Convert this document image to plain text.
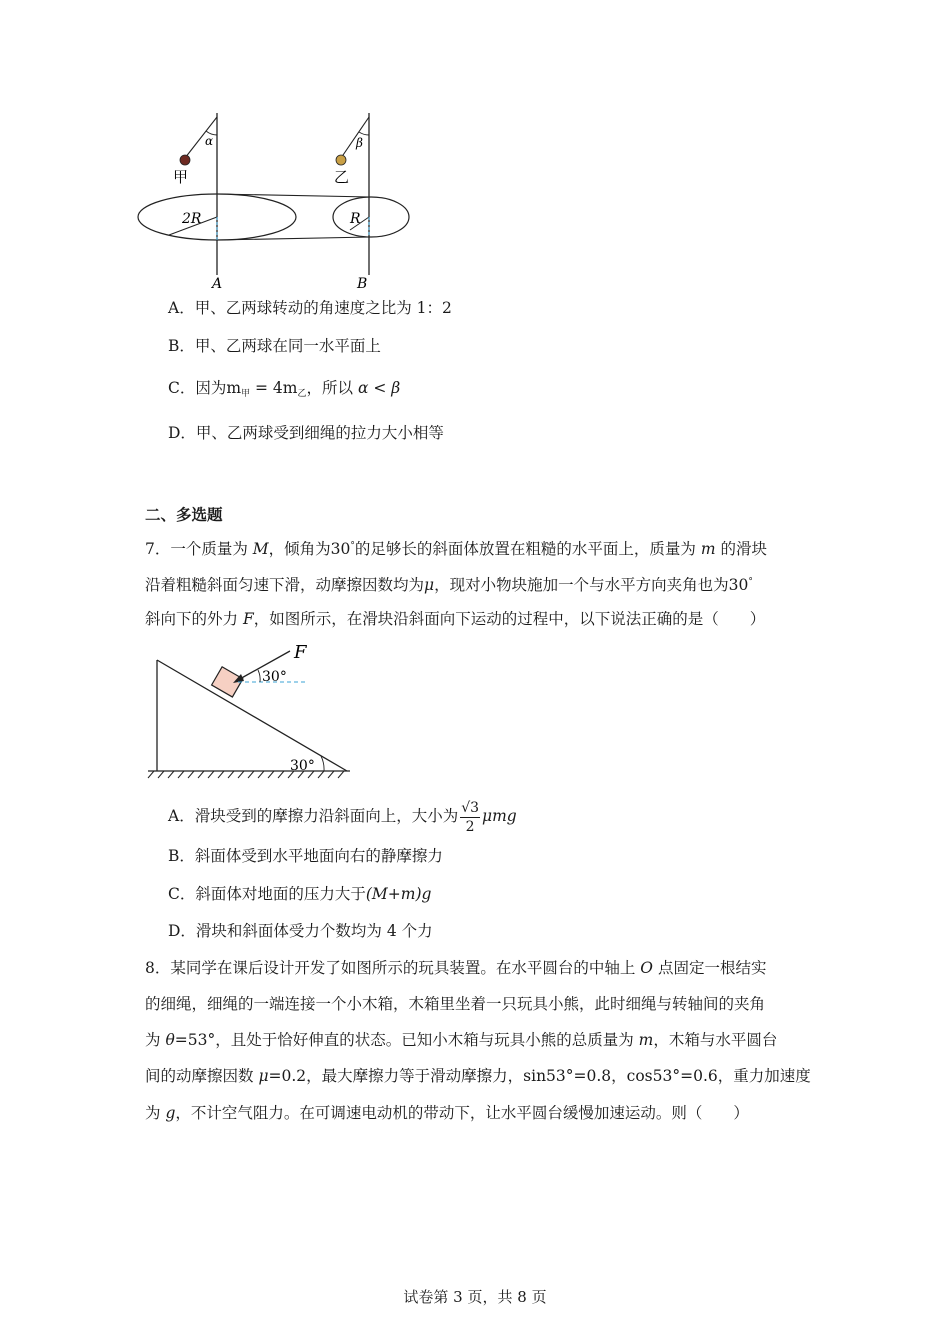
α	β
甲	乙
2R	R
A	B
A．甲、乙两球转动的角速度之比为 1：2
B．甲、乙两球在同一水平面上
C．因为$m_甲 = 4m_乙$，所以 α < β
D．甲、乙两球受到细绳的拉力大小相等
二、多选题
7．一个质量为 M，倾角为30°的足够长的斜面体放置在粗糙的水平面上，质量为 m 的滑块
沿着粗糙斜面匀速下滑，动摩擦因数均为μ，现对小物块施加一个与水平方向夹角也为30°
斜向下的外力 F，如图所示，在滑块沿斜面向下运动的过程中，以下说法正确的是（　　）
F
30°
30°
A．滑块受到的摩擦力沿斜面向上，大小为 $\frac{√3}{2}$ μmg
B．斜面体受到水平地面向右的静摩擦力
C．斜面体对地面的压力大于(M+m)g
D．滑块和斜面体受力个数均为 4 个力
8．某同学在课后设计开发了如图所示的玩具装置。在水平圆台的中轴上 O 点固定一根结实
的细绳，细绳的一端连接一个小木箱，木箱里坐着一只玩具小熊，此时细绳与转轴间的夹角
为 θ=53°，且处于恰好伸直的状态。已知小木箱与玩具小熊的总质量为 m，木箱与水平圆台
间的动摩擦因数 μ=0.2，最大摩擦力等于滑动摩擦力，sin53°=0.8，cos53°=0.6，重力加速度
为 g，不计空气阻力。在可调速电动机的带动下，让水平圆台缓慢加速运动。则（　　）
试卷第 3 页，共 8 页
